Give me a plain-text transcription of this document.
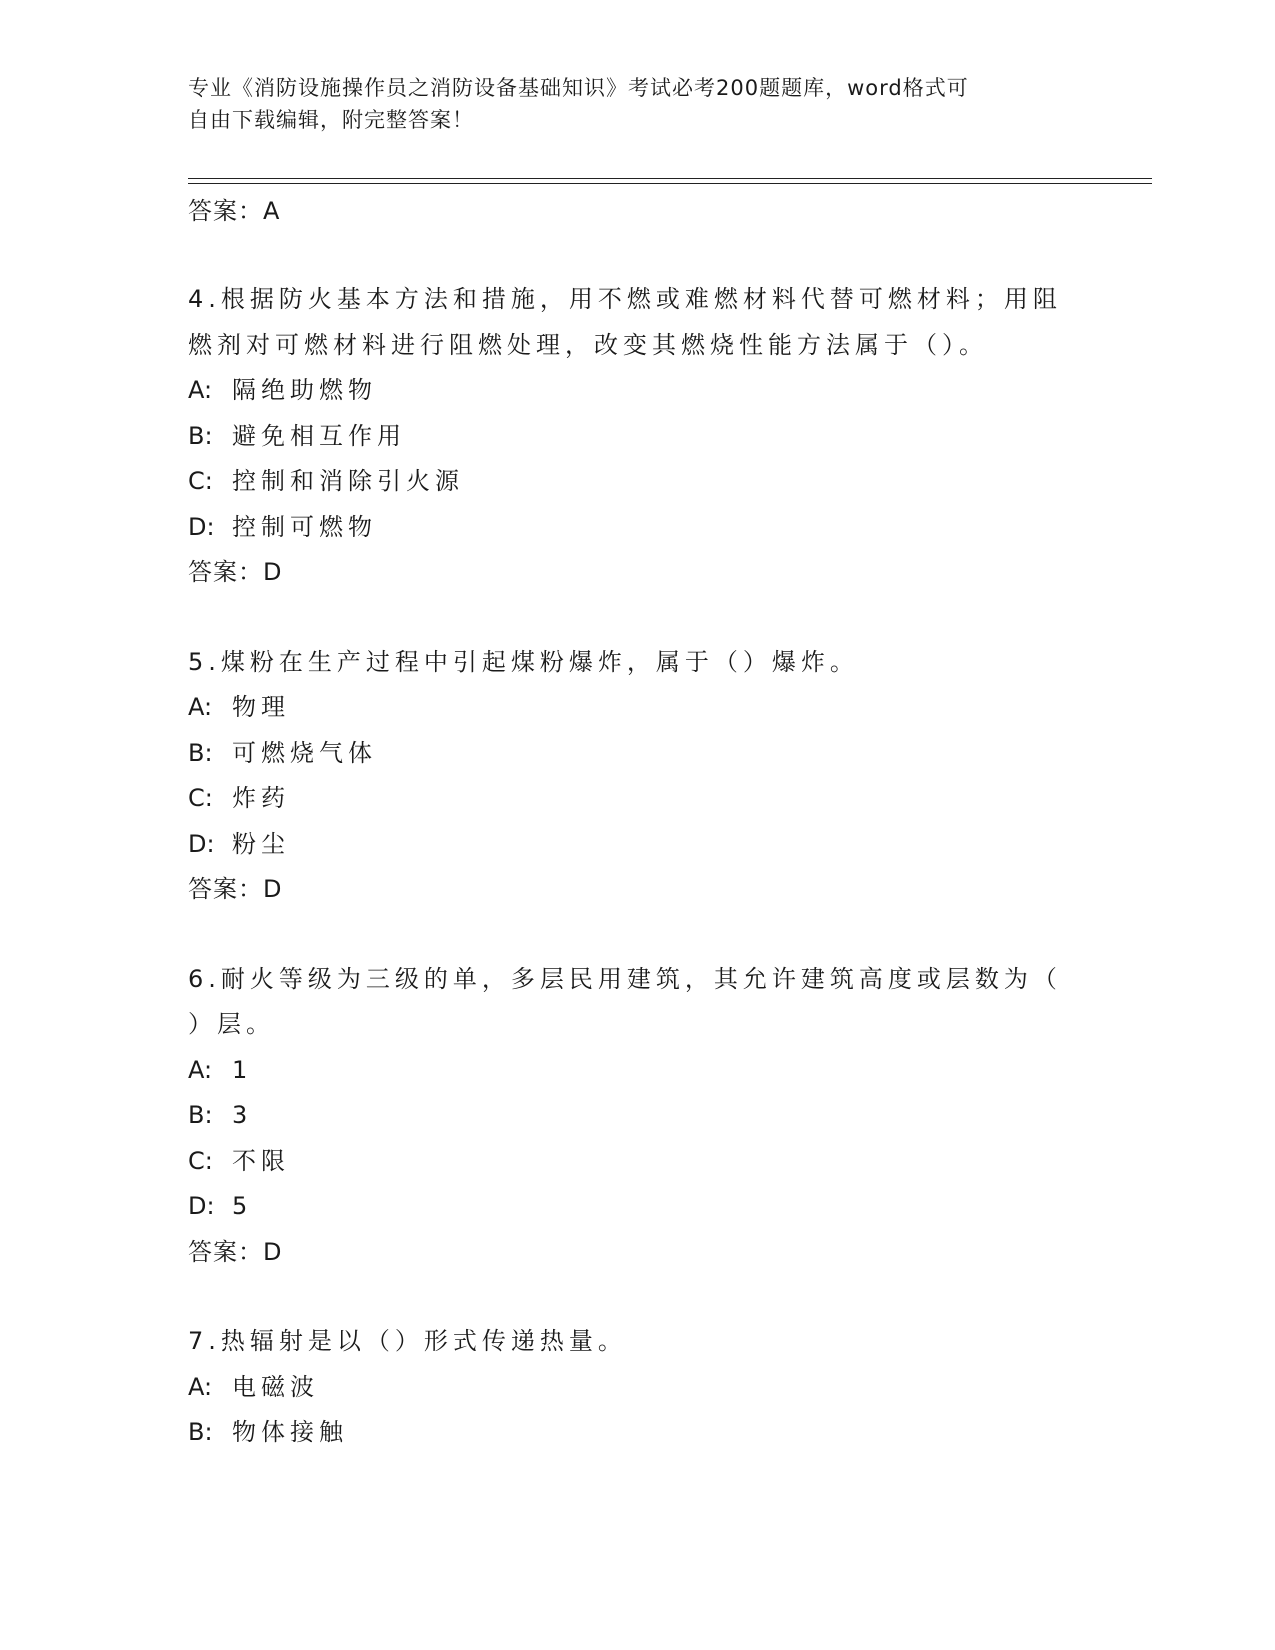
专业《消防设施操作员之消防设备基础知识》考试必考200题题库，word格式可
自由下载编辑，附完整答案！

答案：A

4.根据防火基本方法和措施，用不燃或难燃材料代替可燃材料；用阻

燃剂对可燃材料进行阻燃处理，改变其燃烧性能方法属于（）。

A: 隔绝助燃物

B: 避免相互作用

C: 控制和消除引火源

D: 控制可燃物

答案：D

5.煤粉在生产过程中引起煤粉爆炸，属于（）爆炸。

A: 物理

B: 可燃烧气体

C: 炸药

D: 粉尘

答案：D

6.耐火等级为三级的单，多层民用建筑，其允许建筑高度或层数为（

）层。

A: 1

B: 3

C: 不限

D: 5

答案：D

7.热辐射是以（）形式传递热量。

A: 电磁波

B: 物体接触
